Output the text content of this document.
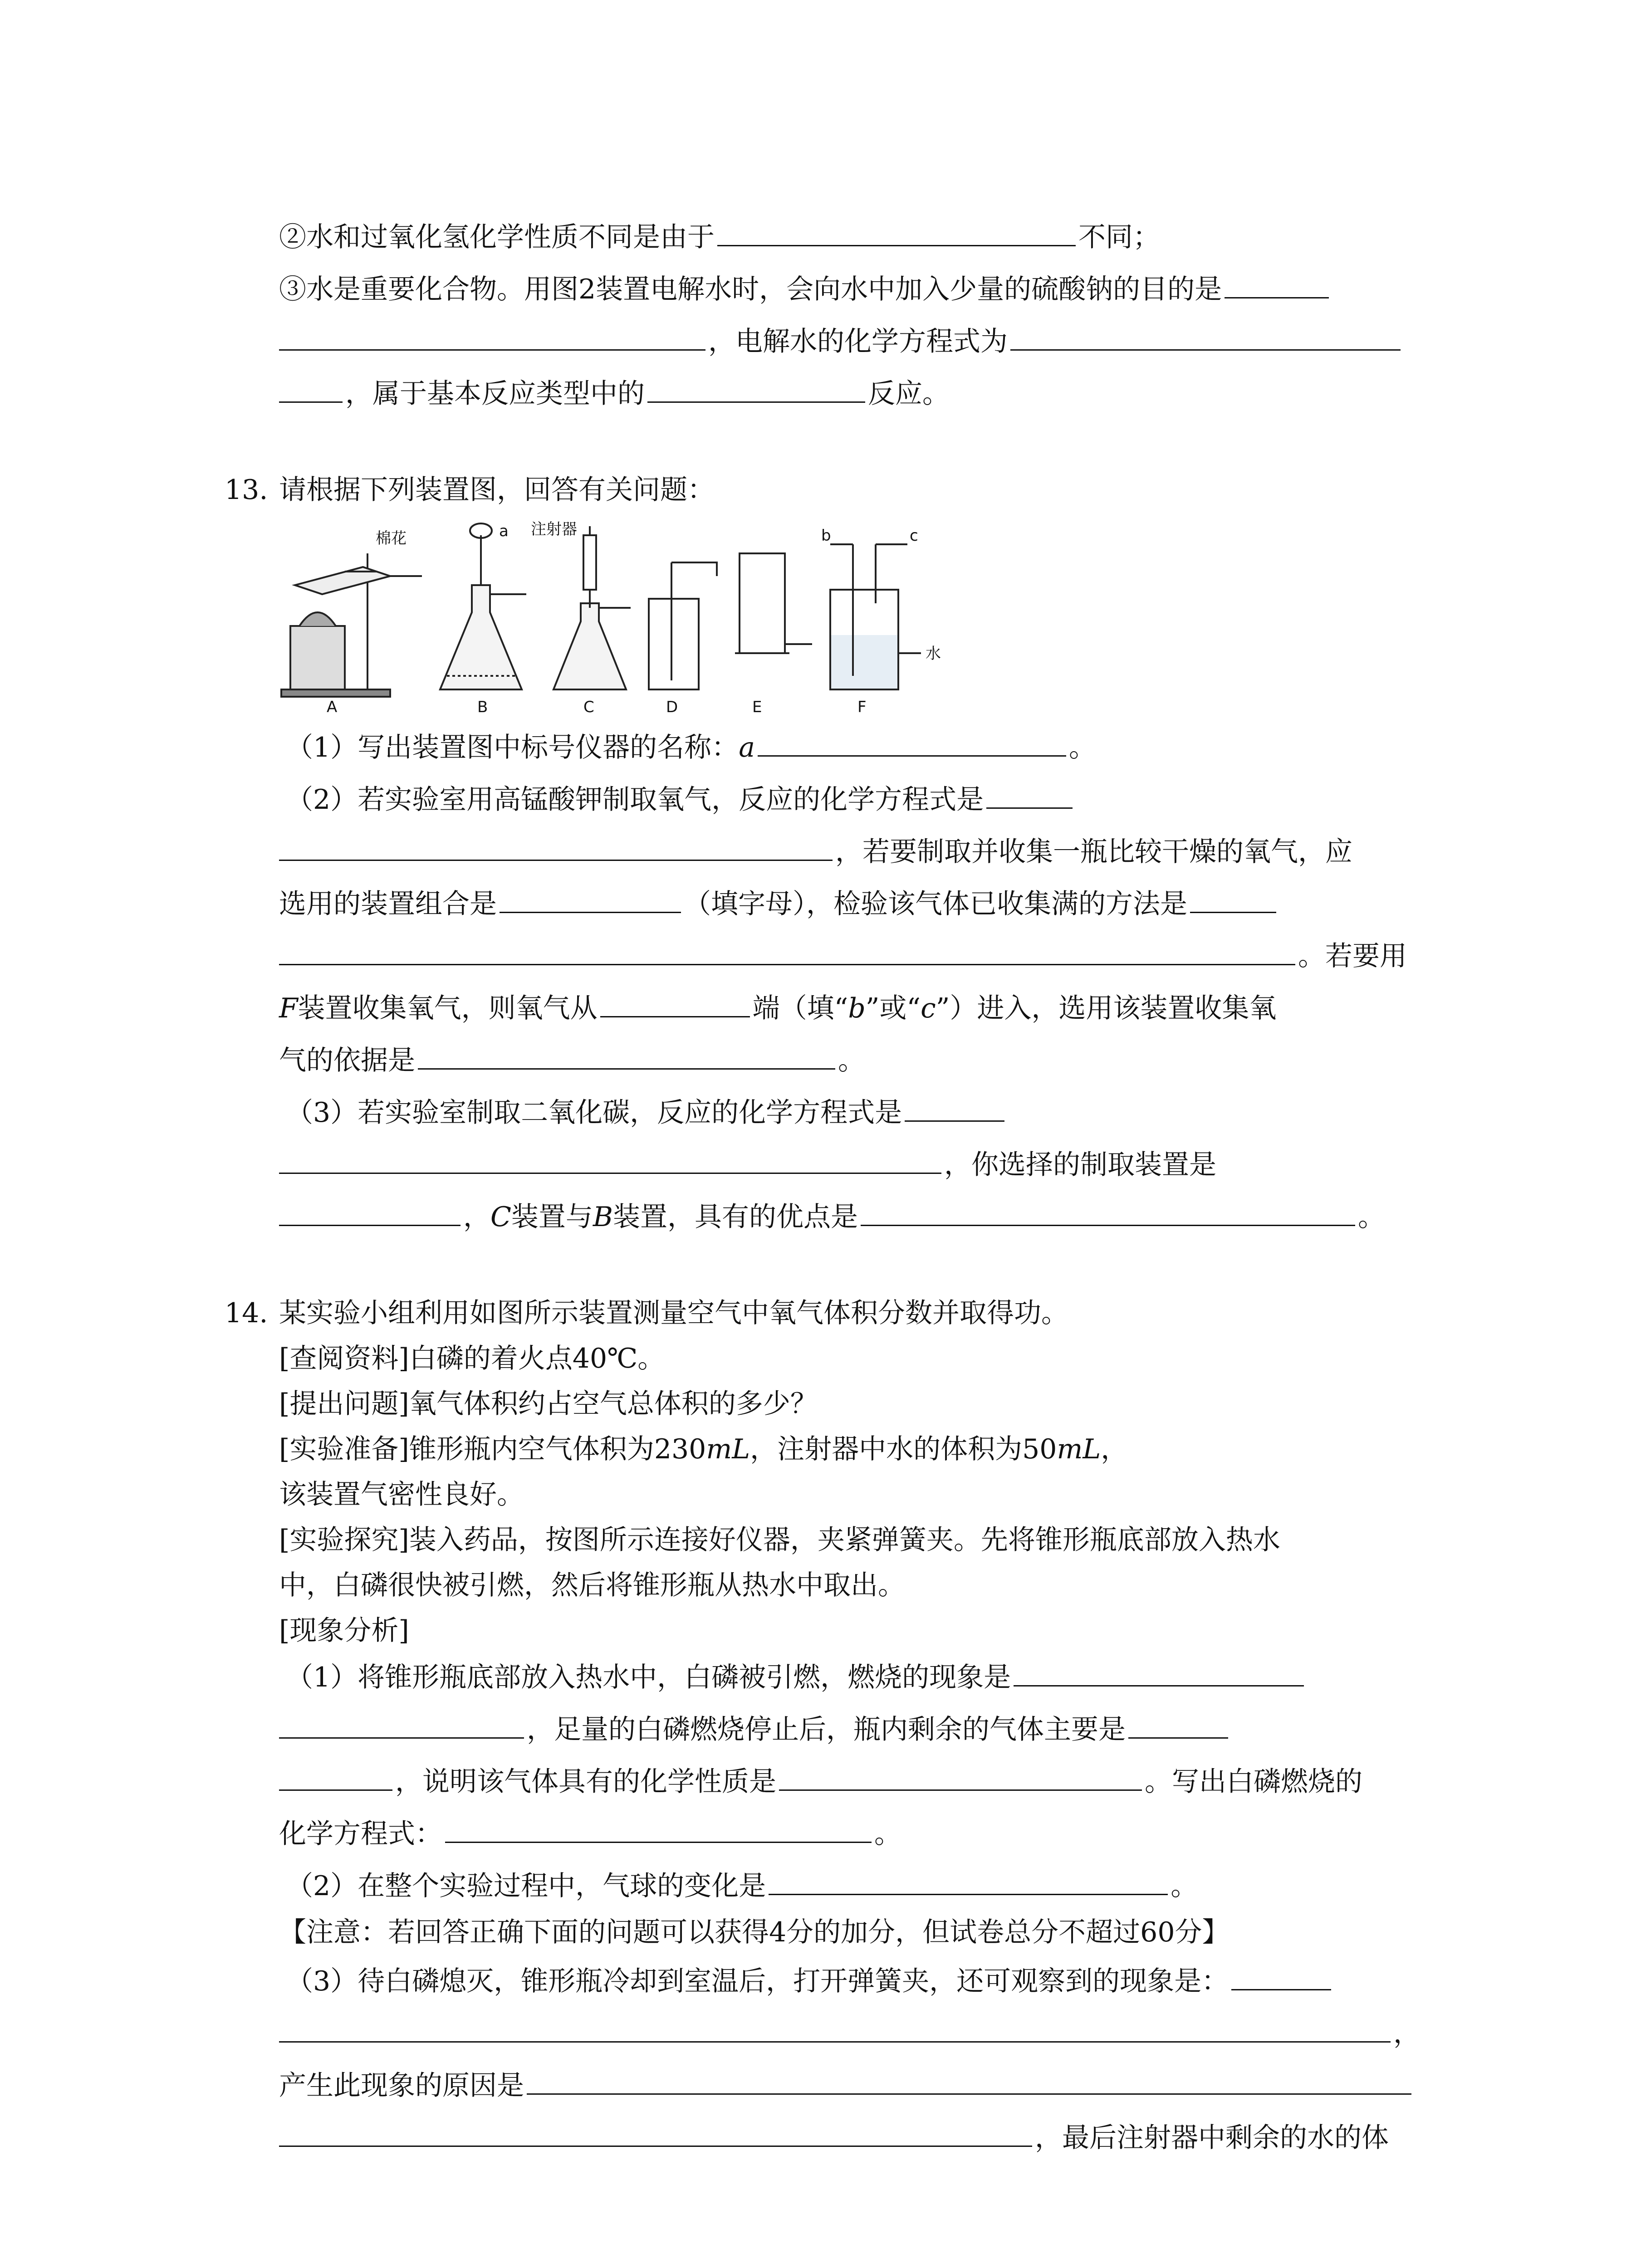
②水和过氧化氢化学性质不同是由于	不同；
③水是重要化合物。用图2装置电解水时，会向水中加入少量的硫酸钠的目的是
，电解水的化学方程式为
，属于基本反应类型中的	反应。
13. 请根据下列装置图，回答有关问题：
棉花
A
a
B
注射器
C	D	E
b	c
水
F
（1）写出装置图中标号仪器的名称：a	。
（2）若实验室用高锰酸钾制取氧气，反应的化学方程式是
，若要制取并收集一瓶比较干燥的氧气，应
选用的装置组合是	（填字母），检验该气体已收集满的方法是
。若要用
F装置收集氧气，则氧气从	端（填“b”或“c”）进入，选用该装置收集氧
气的依据是	。
（3）若实验室制取二氧化碳，反应的化学方程式是
，你选择的制取装置是
，C装置与B装置，具有的优点是	。
14. 某实验小组利用如图所示装置测量空气中氧气体积分数并取得功。
[查阅资料]白磷的着火点40℃。
[提出问题]氧气体积约占空气总体积的多少？
[实验准备]锥形瓶内空气体积为230mL，注射器中水的体积为50mL，
该装置气密性良好。
[实验探究]装入药品，按图所示连接好仪器，夹紧弹簧夹。先将锥形瓶底部放入热水
中，白磷很快被引燃，然后将锥形瓶从热水中取出。
[现象分析]
（1）将锥形瓶底部放入热水中，白磷被引燃，燃烧的现象是
，足量的白磷燃烧停止后，瓶内剩余的气体主要是
，说明该气体具有的化学性质是	。写出白磷燃烧的
化学方程式：	。
（2）在整个实验过程中，气球的变化是	。
【注意：若回答正确下面的问题可以获得4分的加分，但试卷总分不超过60分】
（3）待白磷熄灭，锥形瓶冷却到室温后，打开弹簧夹，还可观察到的现象是：
，
产生此现象的原因是
，最后注射器中剩余的水的体
